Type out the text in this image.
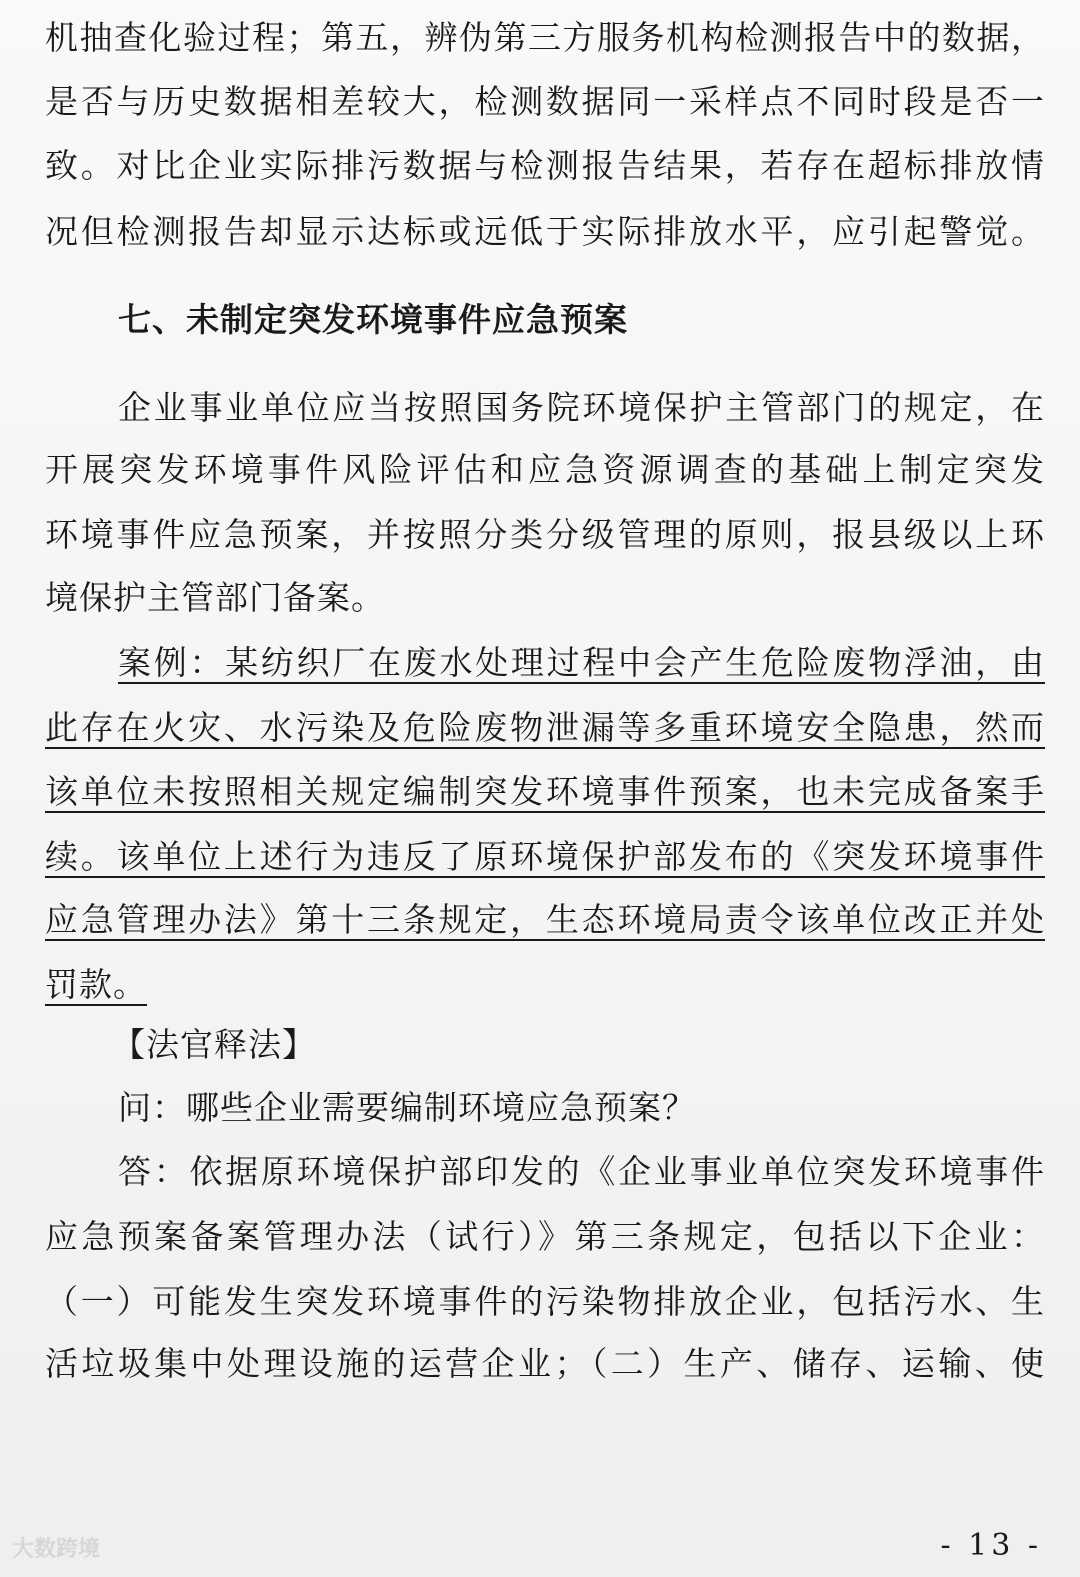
机抽查化验过程；第五，辨伪第三方服务机构检测报告中的数据，
是否与历史数据相差较大，检测数据同一采样点不同时段是否一
致。对比企业实际排污数据与检测报告结果，若存在超标排放情
况但检测报告却显示达标或远低于实际排放水平，应引起警觉。
七、未制定突发环境事件应急预案
企业事业单位应当按照国务院环境保护主管部门的规定，在
开展突发环境事件风险评估和应急资源调查的基础上制定突发
环境事件应急预案，并按照分类分级管理的原则，报县级以上环
境保护主管部门备案。
案例：某纺织厂在废水处理过程中会产生危险废物浮油，由
此存在火灾、水污染及危险废物泄漏等多重环境安全隐患，然而
该单位未按照相关规定编制突发环境事件预案，也未完成备案手
续。该单位上述行为违反了原环境保护部发布的《突发环境事件
应急管理办法》第十三条规定，生态环境局责令该单位改正并处
罚款。
【法官释法】
问：哪些企业需要编制环境应急预案？
答：依据原环境保护部印发的《企业事业单位突发环境事件
应急预案备案管理办法（试行）》第三条规定，包括以下企业：
（一）可能发生突发环境事件的污染物排放企业，包括污水、生
活垃圾集中处理设施的运营企业；（二）生产、储存、运输、使
大数跨境	- 13 -
